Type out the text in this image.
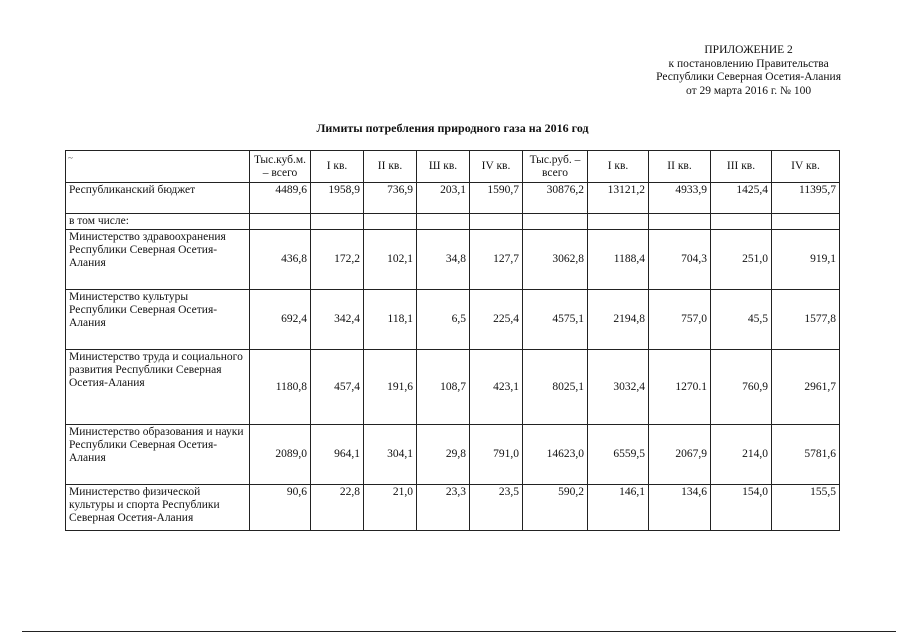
ПРИЛОЖЕНИЕ 2
к постановлению Правительства
Республики Северная Осетия-Алания
от 29 марта 2016 г. № 100
Лимиты потребления природного газа на 2016 год
~	Тыс.куб.м. – всего	I кв.	II кв.	Ш кв.	IV кв.	Тыс.руб. – всего	I кв.	II кв.	III кв.	IV кв.
Республиканский бюджет	4489,6	1958,9	736,9	203,1	1590,7	30876,2	13121,2	4933,9	1425,4	11395,7
в том числе:										
Министерство здравоохранения Республики Северная Осетия-Алания	436,8	172,2	102,1	34,8	127,7	3062,8	1188,4	704,3	251,0	919,1
Министерство культуры Республики Северная Осетия-Алания	692,4	342,4	118,1	6,5	225,4	4575,1	2194,8	757,0	45,5	1577,8
Министерство труда и социального развития Республики Северная Осетия-Алания	1180,8	457,4	191,6	108,7	423,1	8025,1	3032,4	1270.1	760,9	2961,7
Министерство образования и науки Республики Северная Осетия-Алания	2089,0	964,1	304,1	29,8	791,0	14623,0	6559,5	2067,9	214,0	5781,6
Министерство физической культуры и спорта Республики Северная Осетия-Алания	90,6	22,8	21,0	23,3	23,5	590,2	146,1	134,6	154,0	155,5
